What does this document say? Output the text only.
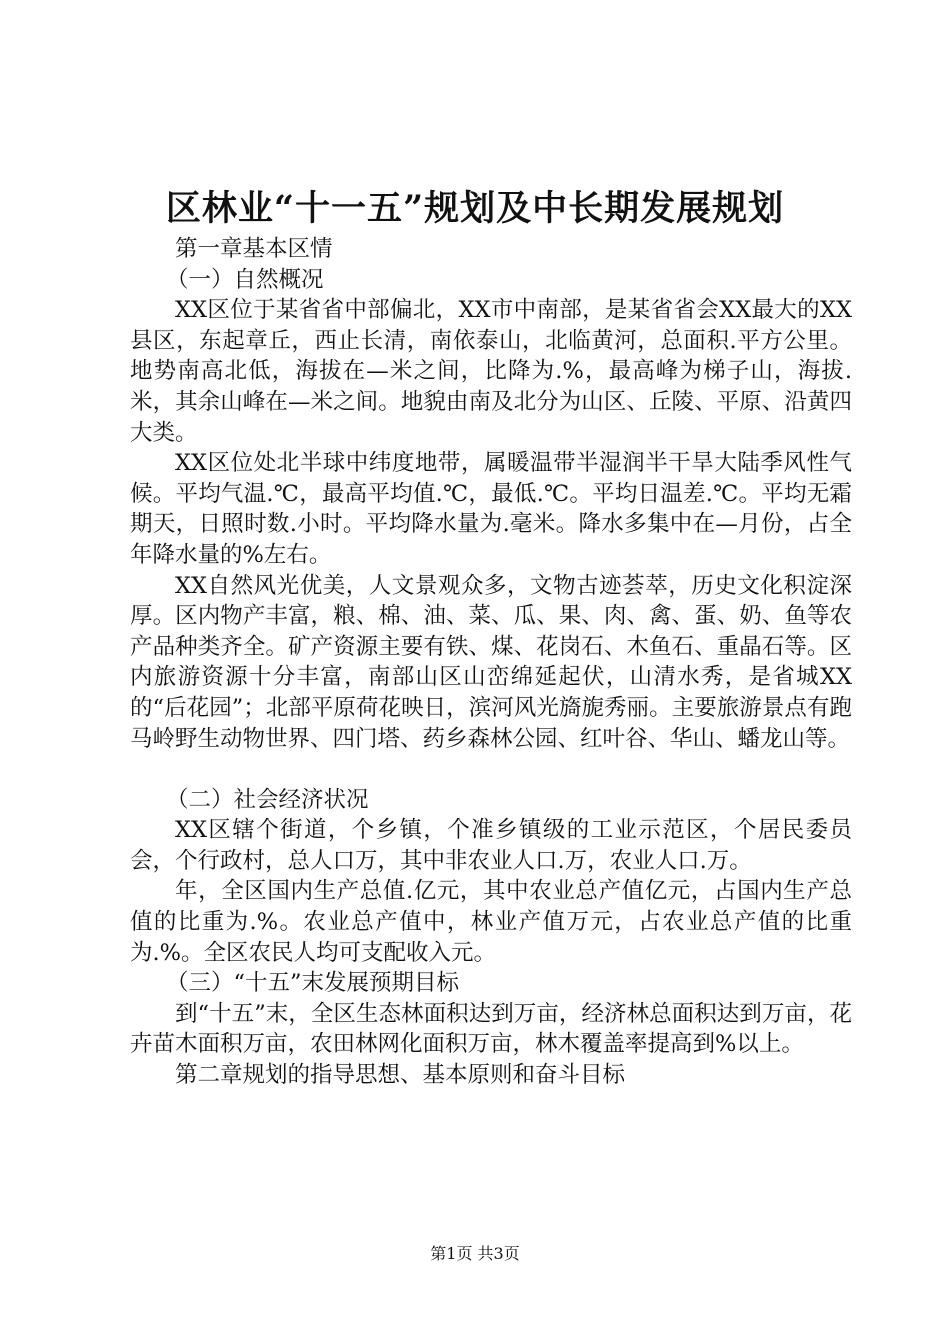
区林业“十一五”规划及中长期发展规划

第一章基本区情

（一）自然概况

XX区位于某省省中部偏北，XX市中南部，是某省省会XX最大的XX县区，东起章丘，西止长清，南依泰山，北临黄河，总面积.平方公里。地势南高北低，海拔在—米之间，比降为.%，最高峰为梯子山，海拔.米，其余山峰在—米之间。地貌由南及北分为山区、丘陵、平原、沿黄四大类。

XX区位处北半球中纬度地带，属暖温带半湿润半干旱大陆季风性气候。平均气温.℃，最高平均值.℃，最低.℃。平均日温差.℃。平均无霜期天，日照时数.小时。平均降水量为.毫米。降水多集中在—月份，占全年降水量的%左右。

XX自然风光优美，人文景观众多，文物古迹荟萃，历史文化积淀深厚。区内物产丰富，粮、棉、油、菜、瓜、果、肉、禽、蛋、奶、鱼等农产品种类齐全。矿产资源主要有铁、煤、花岗石、木鱼石、重晶石等。区内旅游资源十分丰富，南部山区山峦绵延起伏，山清水秀，是省城XX的“后花园”；北部平原荷花映日，滨河风光旖旎秀丽。主要旅游景点有跑马岭野生动物世界、四门塔、药乡森林公园、红叶谷、华山、蟠龙山等。

（二）社会经济状况

XX区辖个街道，个乡镇，个准乡镇级的工业示范区，个居民委员会，个行政村，总人口万，其中非农业人口.万，农业人口.万。

年，全区国内生产总值.亿元，其中农业总产值亿元，占国内生产总值的比重为.%。农业总产值中，林业产值万元，占农业总产值的比重为.%。全区农民人均可支配收入元。

（三）“十五”末发展预期目标

到“十五”末，全区生态林面积达到万亩，经济林总面积达到万亩，花卉苗木面积万亩，农田林网化面积万亩，林木覆盖率提高到%以上。

第二章规划的指导思想、基本原则和奋斗目标

第1页 共3页
